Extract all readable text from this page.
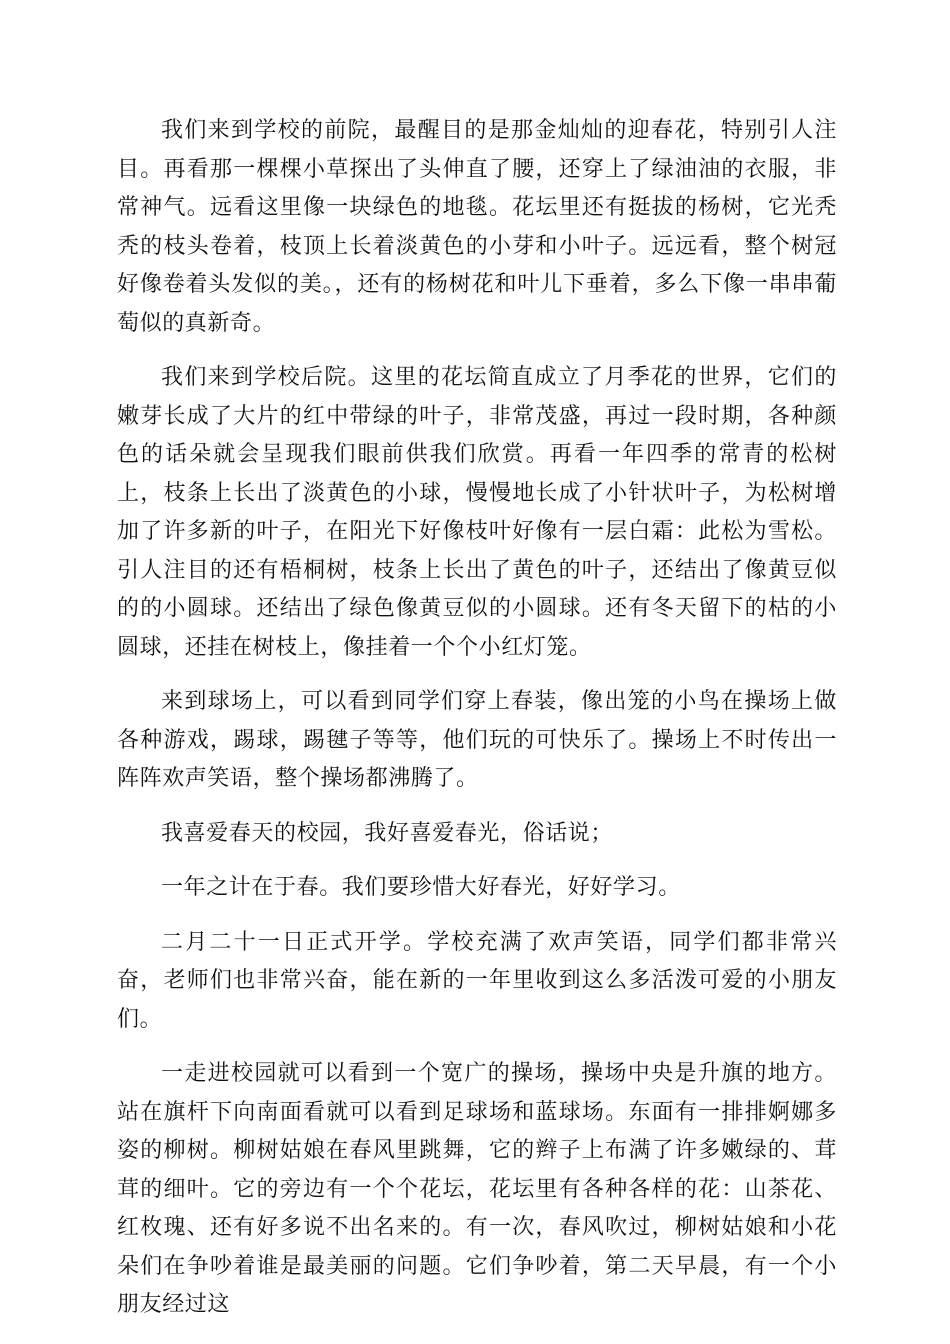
我们来到学校的前院，最醒目的是那金灿灿的迎春花，特别引人注目。再看那一棵棵小草探出了头伸直了腰，还穿上了绿油油的衣服，非常神气。远看这里像一块绿色的地毯。花坛里还有挺拔的杨树，它光秃秃的枝头卷着，枝顶上长着淡黄色的小芽和小叶子。远远看，整个树冠好像卷着头发似的美。，还有的杨树花和叶儿下垂着，多么下像一串串葡萄似的真新奇。

我们来到学校后院。这里的花坛简直成立了月季花的世界，它们的嫩芽长成了大片的红中带绿的叶子，非常茂盛，再过一段时期，各种颜色的话朵就会呈现我们眼前供我们欣赏。再看一年四季的常青的松树上，枝条上长出了淡黄色的小球，慢慢地长成了小针状叶子，为松树增加了许多新的叶子，在阳光下好像枝叶好像有一层白霜：此松为雪松。引人注目的还有梧桐树，枝条上长出了黄色的叶子，还结出了像黄豆似的的小圆球。还结出了绿色像黄豆似的小圆球。还有冬天留下的枯的小圆球，还挂在树枝上，像挂着一个个小红灯笼。

来到球场上，可以看到同学们穿上春装，像出笼的小鸟在操场上做各种游戏，踢球，踢毽子等等，他们玩的可快乐了。操场上不时传出一阵阵欢声笑语，整个操场都沸腾了。

我喜爱春天的校园，我好喜爱春光，俗话说；

一年之计在于春。我们要珍惜大好春光，好好学习。

二月二十一日正式开学。学校充满了欢声笑语，同学们都非常兴奋，老师们也非常兴奋，能在新的一年里收到这么多活泼可爱的小朋友们。

一走进校园就可以看到一个宽广的操场，操场中央是升旗的地方。站在旗杆下向南面看就可以看到足球场和蓝球场。东面有一排排婀娜多姿的柳树。柳树姑娘在春风里跳舞，它的辫子上布满了许多嫩绿的、茸茸的细叶。它的旁边有一个个花坛，花坛里有各种各样的花：山茶花、红枚瑰、还有好多说不出名来的。有一次，春风吹过，柳树姑娘和小花朵们在争吵着谁是最美丽的问题。它们争吵着，第二天早晨，有一个小朋友经过这
